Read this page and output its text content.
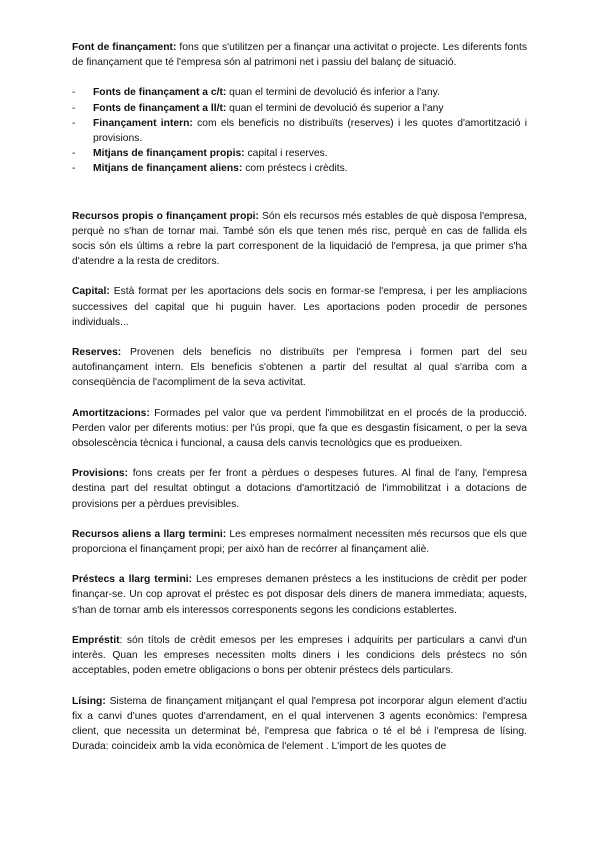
Font de finançament: fons que s'utilitzen per a finançar una activitat o projecte. Les diferents fonts de finançament que té l'empresa són al patrimoni net i passiu del balanç de situació.

- Fonts de finançament a c/t: quan el termini de devolució és inferior a l'any.
- Fonts de finançament a ll/t: quan el termini de devolució és superior a l'any
- Finançament intern: com els beneficis no distribuïts (reserves) i les quotes d'amortització i provisions.
- Mitjans de finançament propis: capital i reserves.
- Mitjans de finançament aliens: com préstecs i crèdits.

Recursos propis o finançament propi: Són els recursos més estables de què disposa l'empresa, perquè no s'han de tornar mai. També són els que tenen més risc, perquè en cas de fallida els socis són els últims a rebre la part corresponent de la liquidació de l'empresa, ja que primer s'ha d'atendre a la resta de creditors.

Capital: Està format per les aportacions dels socis en formar-se l'empresa, i per les ampliacions successives del capital que hi puguin haver. Les aportacions poden procedir de persones individuals...

Reserves: Provenen dels beneficis no distribuïts per l'empresa i formen part del seu autofinançament intern. Els beneficis s'obtenen a partir del resultat al qual s'arriba com a conseqüència de l'acompliment de la seva activitat.

Amortitzacions: Formades pel valor que va perdent l'immobilitzat en el procés de la producció. Perden valor per diferents motius: per l'ús propi, que fa que es desgastin físicament, o per la seva obsolescència tècnica i funcional, a causa dels canvis tecnològics que es produeixen.

Provisions: fons creats per fer front a pèrdues o despeses futures. Al final de l'any, l'empresa destina part del resultat obtingut a dotacions d'amortització de l'immobilitzat i a dotacions de provisions per a pèrdues previsibles.

Recursos aliens a llarg termini: Les empreses normalment necessiten més recursos que els que proporciona el finançament propi; per això han de recórrer al finançament aliè.

Préstecs a llarg termini: Les empreses demanen préstecs a les institucions de crèdit per poder finançar-se. Un cop aprovat el préstec es pot disposar dels diners de manera immediata; aquests, s'han de tornar amb els interessos corresponents segons les condicions establertes.

Empréstit: són títols de crèdit emesos per les empreses i adquirits per particulars a canvi d'un interès. Quan les empreses necessiten molts diners i les condicions dels préstecs no són acceptables, poden emetre obligacions o bons per obtenir préstecs dels particulars.

Lísing: Sistema de finançament mitjançant el qual l'empresa pot incorporar algun element d'actiu fix a canvi d'unes quotes d'arrendament, en el qual intervenen 3 agents econòmics: l'empresa client, que necessita un determinat bé, l'empresa que fabrica o té el bé i l'empresa de lísing. Durada: coincideix amb la vida econòmica de l'element . L'import de les quotes de
